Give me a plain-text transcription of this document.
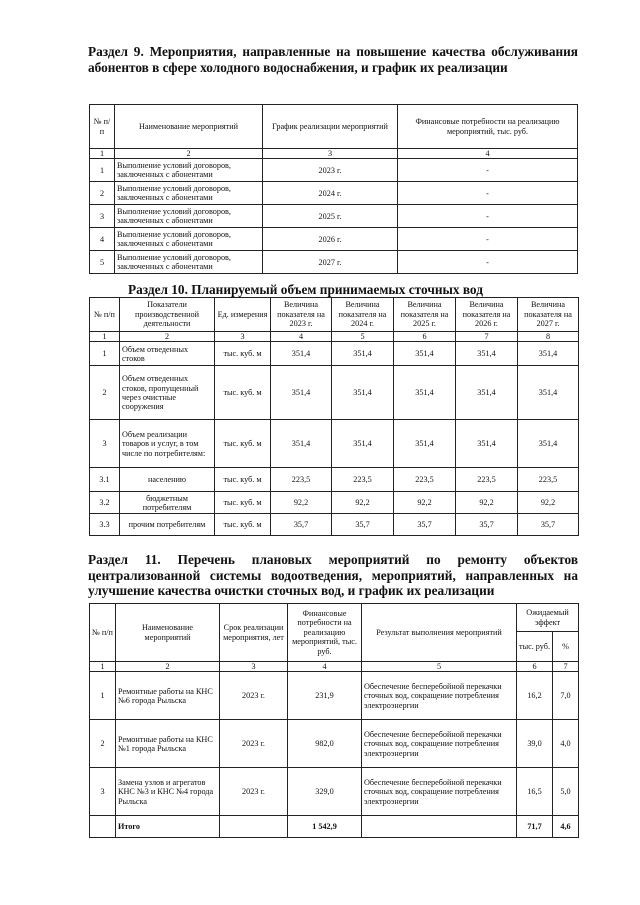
Раздел 9. Мероприятия, направленные на повышение качества обслуживания абонентов в сфере холодного водоснабжения, и график их реализации
№ п/п	Наименование мероприятий	График реализации мероприятий	Финансовые потребности на реализацию мероприятий, тыс. руб.
1	2	3	4
1	Выполнение условий договоров, заключенных с абонентами	2023 г.	-
2	Выполнение условий договоров, заключенных с абонентами	2024 г.	-
3	Выполнение условий договоров, заключенных с абонентами	2025 г.	-
4	Выполнение условий договоров, заключенных с абонентами	2026 г.	-
5	Выполнение условий договоров, заключенных с абонентами	2027 г.	-
Раздел 10. Планируемый объем принимаемых сточных вод
№ п/п	Показатели производственной деятельности	Ед. измерения	Величина показателя на 2023 г.	Величина показателя на 2024 г.	Величина показателя на 2025 г.	Величина показателя на 2026 г.	Величина показателя на 2027 г.
1	2	3	4	5	6	7	8
1	Объем отведенных стоков	тыс. куб. м	351,4	351,4	351,4	351,4	351,4
2	Объем отведенных стоков, пропущенный через очистные сооружения	тыс. куб. м	351,4	351,4	351,4	351,4	351,4
3	Объем реализации товаров и услуг, в том числе по потребителям:	тыс. куб. м	351,4	351,4	351,4	351,4	351,4
3.1	населению	тыс. куб. м	223,5	223,5	223,5	223,5	223,5
3.2	бюджетным потребителям	тыс. куб. м	92,2	92,2	92,2	92,2	92,2
3.3	прочим потребителям	тыс. куб. м	35,7	35,7	35,7	35,7	35,7
Раздел 11. Перечень плановых мероприятий по ремонту объектов централизованной системы водоотведения, мероприятий, направленных на улучшение качества очистки сточных вод, и график их реализации
№ п/п	Наименование мероприятий	Срок реализации мероприятия, лет	Финансовые потребности на реализацию мероприятий, тыс. руб.	Результат выполнения мероприятий	Ожидаемый эффект	
					тыс. руб.	%
1	2	3	4	5	6	7
1	Ремонтные работы на КНС №6 города Рыльска	2023 г.	231,9	Обеспечение бесперебойной перекачки сточных вод, сокращение потребления электроэнергии	16,2	7,0
2	Ремонтные работы на КНС №1 города Рыльска	2023 г.	982,0	Обеспечение бесперебойной перекачки сточных вод, сокращение потребления электроэнергии	39,0	4,0
3	Замена узлов и агрегатов КНС №3 и КНС №4 города Рыльска	2023 г.	329,0	Обеспечение бесперебойной перекачки сточных вод, сокращение потребления электроэнергии	16,5	5,0
	Итого		1 542,9		71,7	4,6
